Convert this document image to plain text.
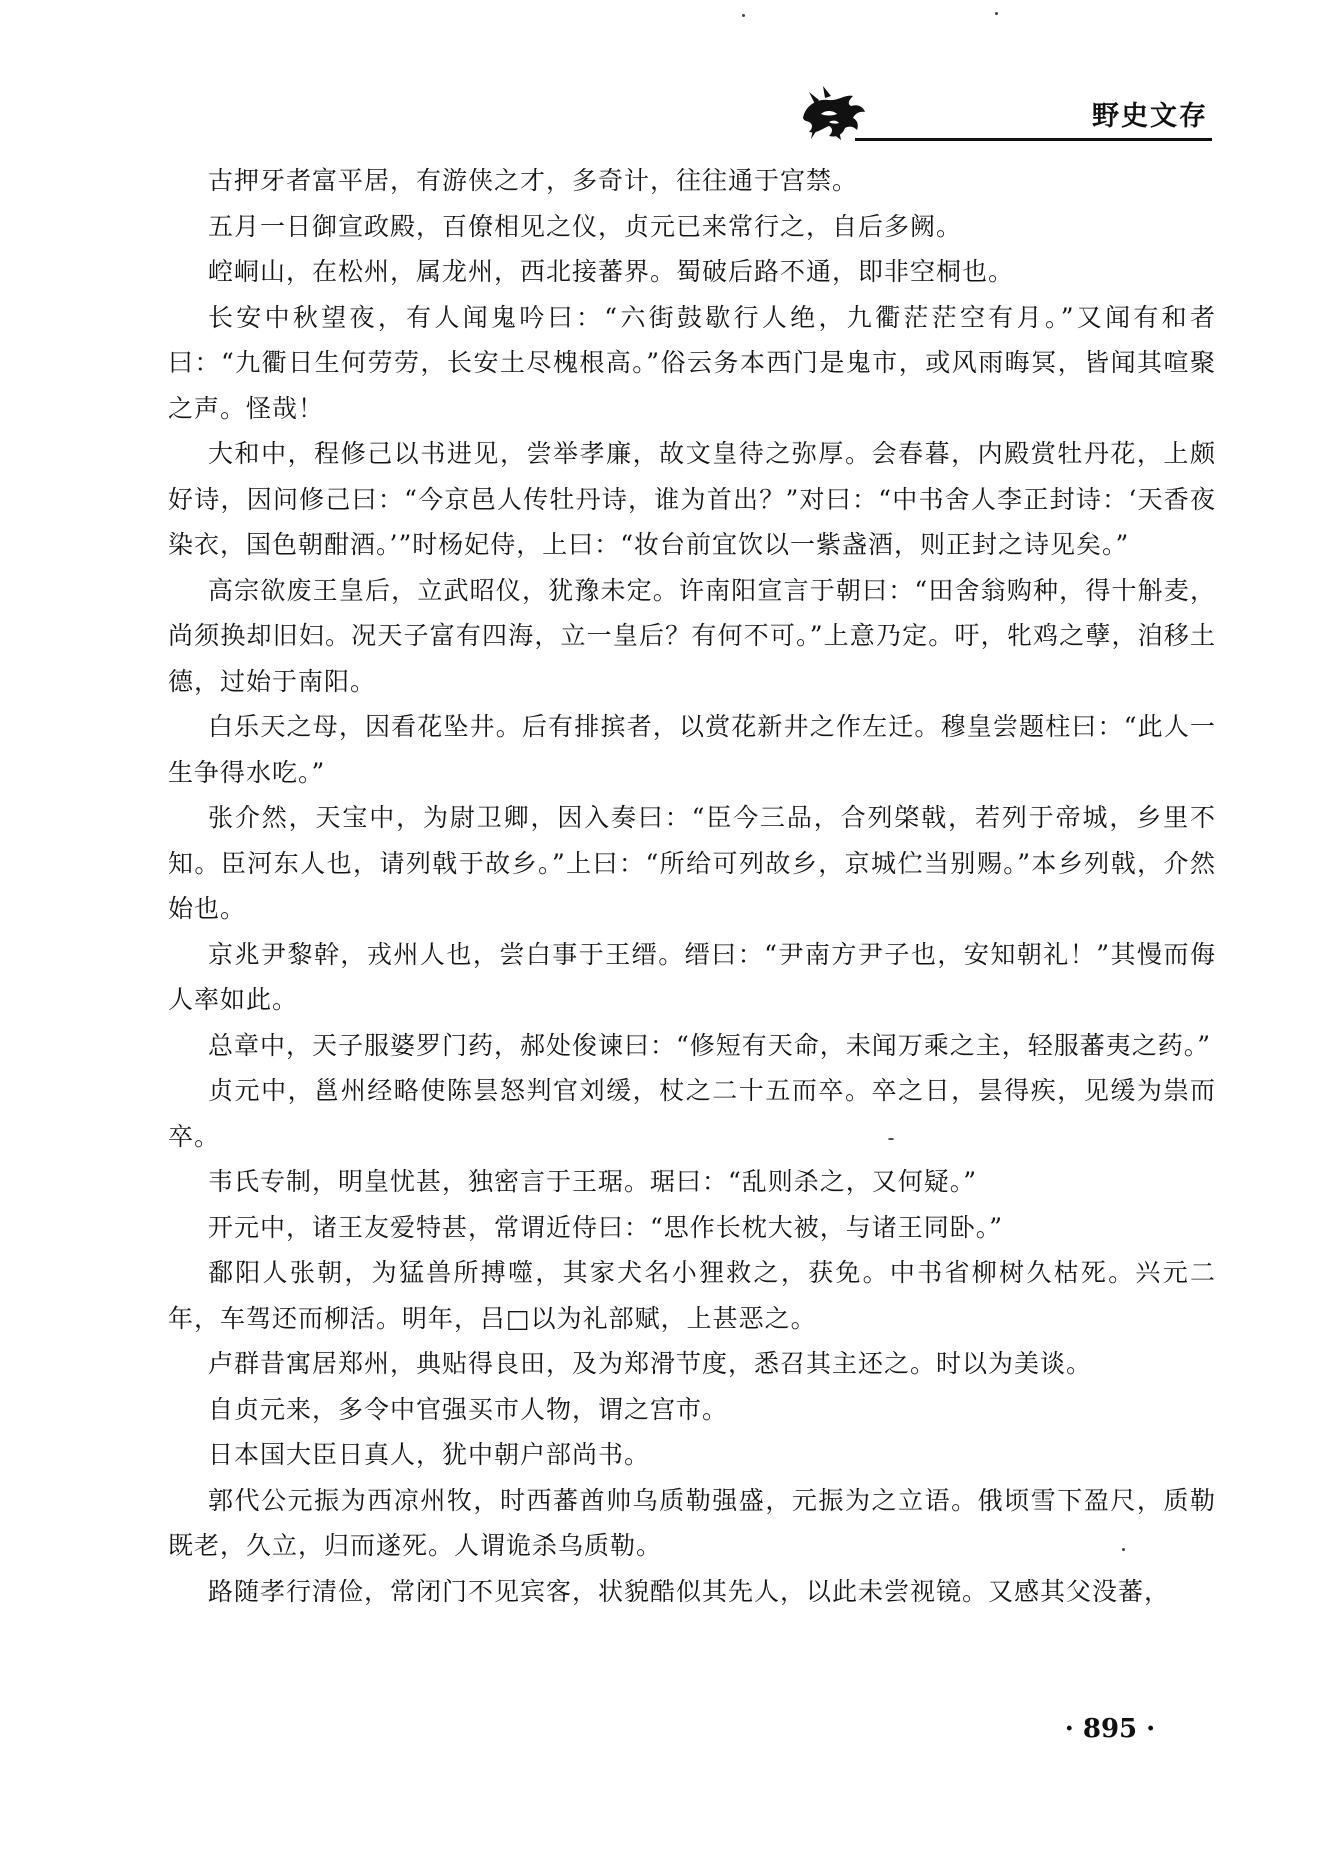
野史文存

古押牙者富平居，有游侠之才，多奇计，往往通于宫禁。

五月一日御宣政殿，百僚相见之仪，贞元已来常行之，自后多阙。

崆峒山，在松州，属龙州，西北接蕃界。蜀破后路不通，即非空桐也。

长安中秋望夜，有人闻鬼吟曰：“六街鼓歇行人绝，九衢茫茫空有月。”又闻有和者曰：“九衢日生何劳劳，长安土尽槐根高。”俗云务本西门是鬼市，或风雨晦冥，皆闻其喧聚之声。怪哉！

大和中，程修己以书进见，尝举孝廉，故文皇待之弥厚。会春暮，内殿赏牡丹花，上颇好诗，因问修己曰：“今京邑人传牡丹诗，谁为首出？”对曰：“中书舍人李正封诗：‘天香夜染衣，国色朝酣酒。’”时杨妃侍，上曰：“妆台前宜饮以一紫盏酒，则正封之诗见矣。”

高宗欲废王皇后，立武昭仪，犹豫未定。许南阳宣言于朝曰：“田舍翁购种，得十斛麦，尚须换却旧妇。况天子富有四海，立一皇后？有何不可。”上意乃定。吁，牝鸡之孽，洎移土德，过始于南阳。

白乐天之母，因看花坠井。后有排摈者，以赏花新井之作左迁。穆皇尝题柱曰：“此人一生争得水吃。”

张介然，天宝中，为尉卫卿，因入奏曰：“臣今三品，合列棨戟，若列于帝城，乡里不知。臣河东人也，请列戟于故乡。”上曰：“所给可列故乡，京城伫当别赐。”本乡列戟，介然始也。

京兆尹黎幹，戎州人也，尝白事于王缙。缙曰：“尹南方尹子也，安知朝礼！”其慢而侮人率如此。

总章中，天子服婆罗门药，郝处俊谏曰：“修短有天命，未闻万乘之主，轻服蕃夷之药。”

贞元中，邕州经略使陈昙怒判官刘缓，杖之二十五而卒。卒之日，昙得疾，见缓为祟而卒。

韦氏专制，明皇忧甚，独密言于王琚。琚曰：“乱则杀之，又何疑。”

开元中，诸王友爱特甚，常谓近侍曰：“思作长枕大被，与诸王同卧。”

鄱阳人张朝，为猛兽所搏噬，其家犬名小狸救之，获免。中书省柳树久枯死。兴元二年，车驾还而柳活。明年，吕□以为礼部赋，上甚恶之。

卢群昔寓居郑州，典贴得良田，及为郑滑节度，悉召其主还之。时以为美谈。

自贞元来，多令中官强买市人物，谓之宫市。

日本国大臣日真人，犹中朝户部尚书。

郭代公元振为西凉州牧，时西蕃酋帅乌质勒强盛，元振为之立语。俄顷雪下盈尺，质勒既老，久立，归而遂死。人谓诡杀乌质勒。

路随孝行清俭，常闭门不见宾客，状貌酷似其先人，以此未尝视镜。又感其父没蕃，

· 895 ·
